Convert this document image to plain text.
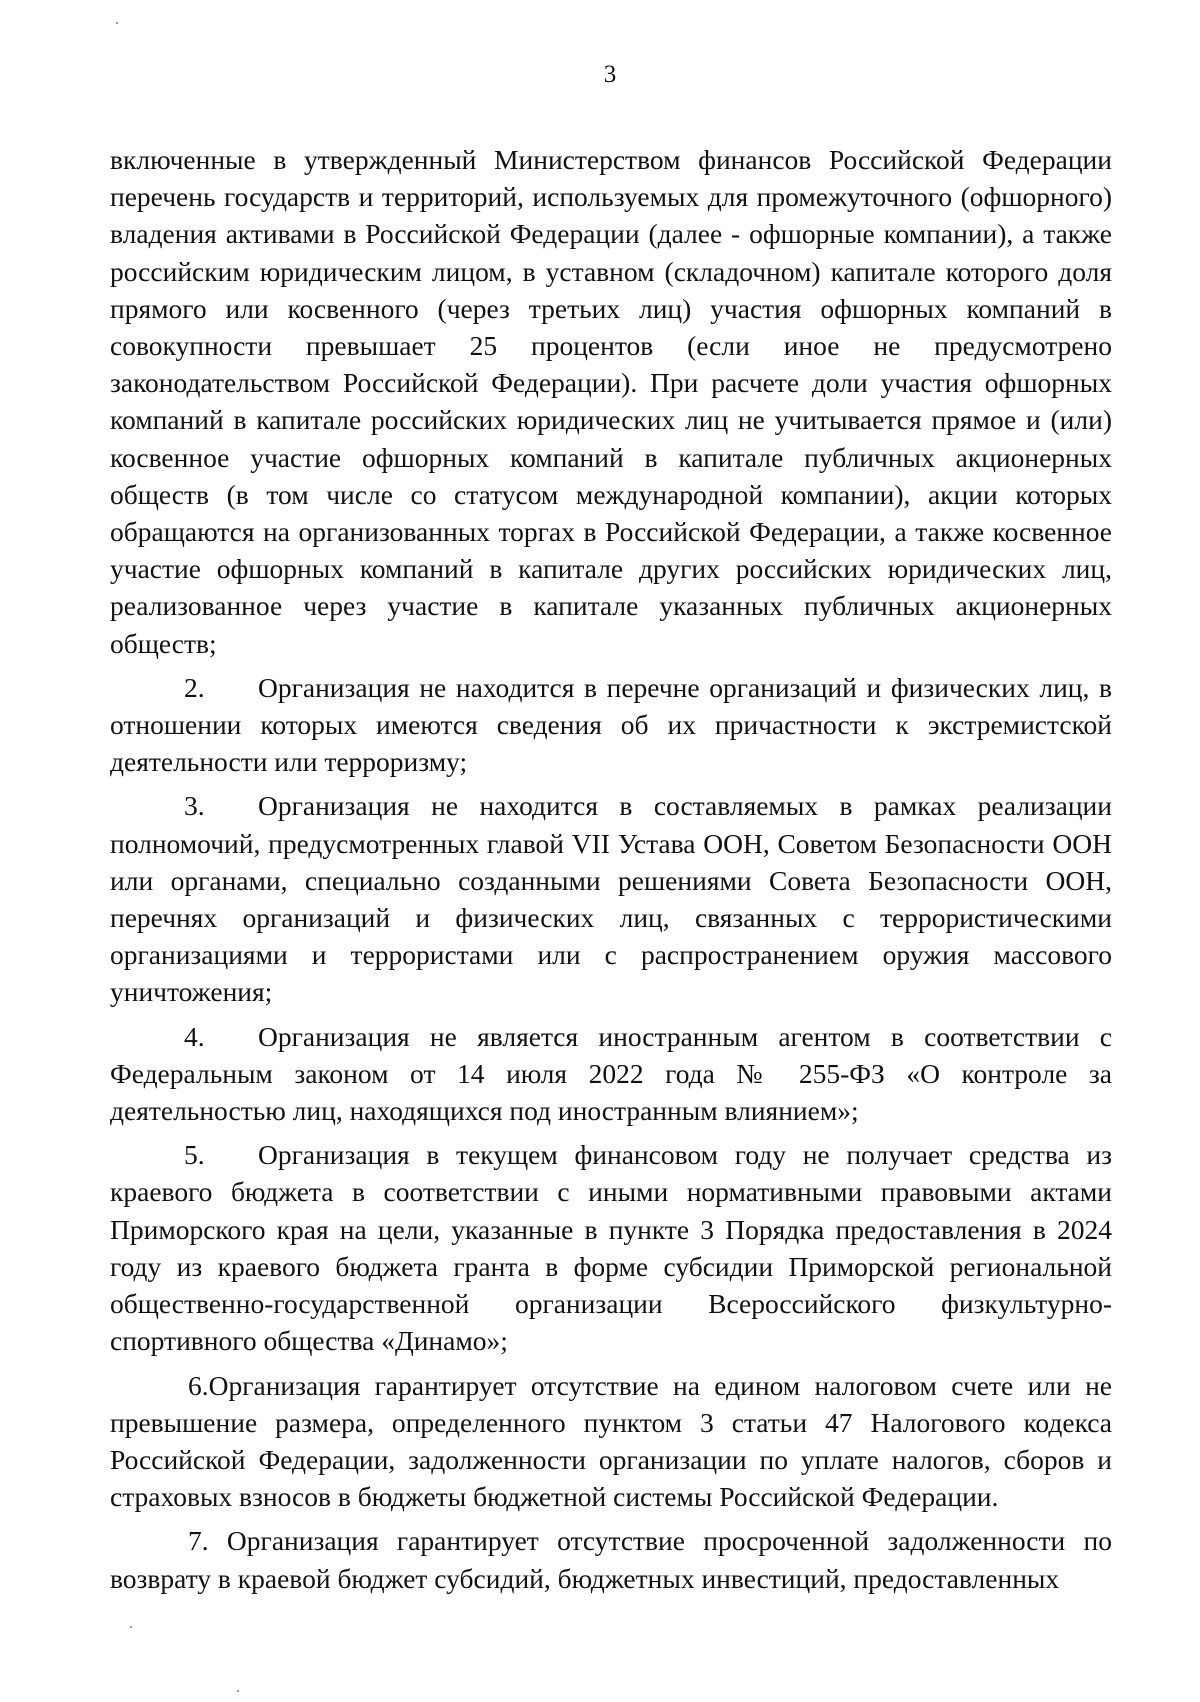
3

включенные в утвержденный Министерством финансов Российской Федерации перечень государств и территорий, используемых для промежуточного (офшорного) владения активами в Российской Федерации (далее - офшорные компании), а также российским юридическим лицом, в уставном (складочном) капитале которого доля прямого или косвенного (через третьих лиц) участия офшорных компаний в совокупности превышает 25 процентов (если иное не предусмотрено законодательством Российской Федерации). При расчете доли участия офшорных компаний в капитале российских юридических лиц не учитывается прямое и (или) косвенное участие офшорных компаний в капитале публичных акционерных обществ (в том числе со статусом международной компании), акции которых обращаются на организованных торгах в Российской Федерации, а также косвенное участие офшорных компаний в капитале других российских юридических лиц, реализованное через участие в капитале указанных публичных акционерных обществ;

2. Организация не находится в перечне организаций и физических лиц, в отношении которых имеются сведения об их причастности к экстремистской деятельности или терроризму;

3. Организация не находится в составляемых в рамках реализации полномочий, предусмотренных главой VII Устава ООН, Советом Безопасности ООН или органами, специально созданными решениями Совета Безопасности ООН, перечнях организаций и физических лиц, связанных с террористическими организациями и террористами или с распространением оружия массового уничтожения;

4. Организация не является иностранным агентом в соответствии с Федеральным законом от 14 июля 2022 года № 255-ФЗ «О контроле за деятельностью лиц, находящихся под иностранным влиянием»;

5. Организация в текущем финансовом году не получает средства из краевого бюджета в соответствии с иными нормативными правовыми актами Приморского края на цели, указанные в пункте 3 Порядка предоставления в 2024 году из краевого бюджета гранта в форме субсидии Приморской региональной общественно-государственной организации Всероссийского физкультурно-спортивного общества «Динамо»;

6.Организация гарантирует отсутствие на едином налоговом счете или не превышение размера, определенного пунктом 3 статьи 47 Налогового кодекса Российской Федерации, задолженности организации по уплате налогов, сборов и страховых взносов в бюджеты бюджетной системы Российской Федерации.

7. Организация гарантирует отсутствие просроченной задолженности по возврату в краевой бюджет субсидий, бюджетных инвестиций, предоставленных
